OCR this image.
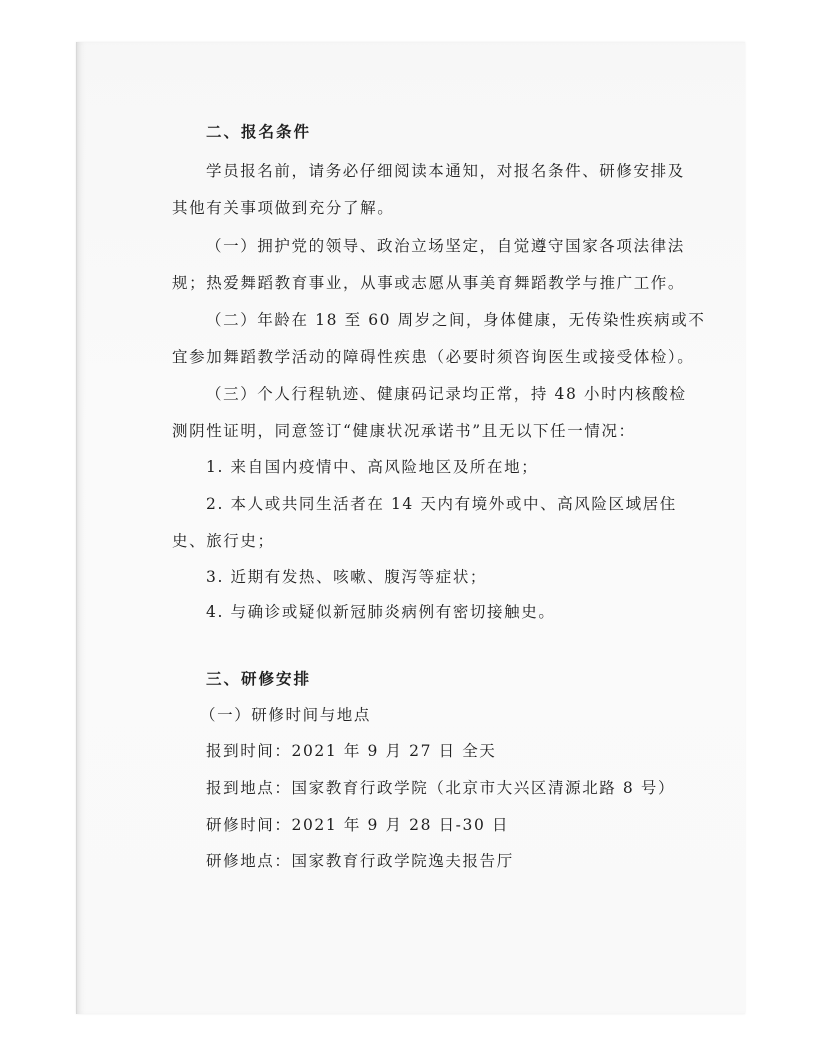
二、报名条件
学员报名前，请务必仔细阅读本通知，对报名条件、研修安排及
其他有关事项做到充分了解。
（一）拥护党的领导、政治立场坚定，自觉遵守国家各项法律法
规；热爱舞蹈教育事业，从事或志愿从事美育舞蹈教学与推广工作。
（二）年龄在 18 至 60 周岁之间，身体健康，无传染性疾病或不
宜参加舞蹈教学活动的障碍性疾患（必要时须咨询医生或接受体检）。
（三）个人行程轨迹、健康码记录均正常，持 48 小时内核酸检
测阴性证明，同意签订“健康状况承诺书”且无以下任一情况：
1. 来自国内疫情中、高风险地区及所在地；
2. 本人或共同生活者在 14 天内有境外或中、高风险区域居住
史、旅行史；
3. 近期有发热、咳嗽、腹泻等症状；
4. 与确诊或疑似新冠肺炎病例有密切接触史。
三、研修安排
（一）研修时间与地点
报到时间：2021 年 9 月 27 日 全天
报到地点：国家教育行政学院（北京市大兴区清源北路 8 号）
研修时间：2021 年 9 月 28 日-30 日
研修地点：国家教育行政学院逸夫报告厅
